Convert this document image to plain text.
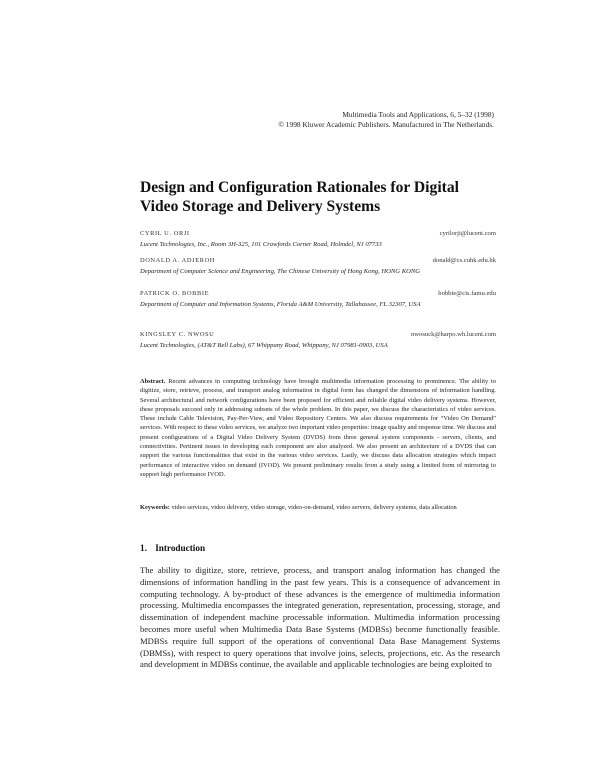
Multimedia Tools and Applications, 6, 5–32 (1998)
© 1998 Kluwer Academic Publishers. Manufactured in The Netherlands.
Design and Configuration Rationales for Digital Video Storage and Delivery Systems
CYRIL U. ORJI	cyrilorji@lucent.com
Lucent Technologies, Inc., Room 3H-325, 101 Crawfords Corner Road, Holmdel, NJ 07733
DONALD A. ADJEROH	donald@cs.cuhk.edu.hk
Department of Computer Science and Engineering, The Chinese University of Hong Kong, HONG KONG
PATRICK O. BOBBIE	bobbie@cis.famu.edu
Department of Computer and Information Systems, Florida A&M University, Tallahassee, FL 32307, USA
KINGSLEY C. NWOSU	nwosuck@harpo.wh.lucent.com
Lucent Technologies, (AT&T Bell Labs), 67 Whippany Road, Whippany, NJ 07981-0903, USA
Abstract. Recent advances in computing technology have brought multimedia information processing to prominence. The ability to digitize, store, retrieve, process, and transport analog information in digital form has changed the dimensions of information handling. Several architectural and network configurations have been proposed for efficient and reliable digital video delivery systems. However, these proposals succeed only in addressing subsets of the whole problem. In this paper, we discuss the characteristics of video services. These include Cable Television, Pay-Per-View, and Video Repository Centers. We also discuss requirements for “Video On Demand” services. With respect to these video services, we analyze two important video properties: image quality and response time. We discuss and present configurations of a Digital Video Delivery System (DVDS) from three general system components - servers, clients, and connectivities. Pertinent issues in developing each component are also analyzed. We also present an architecture of a DVDS that can support the various functionalities that exist in the various video services. Lastly, we discuss data allocation strategies which impact performance of interactive video on demand (IVOD). We present preliminary results from a study using a limited form of mirroring to support high performance IVOD.
Keywords: video services, video delivery, video storage, video-on-demand, video servers, delivery systems, data allocation
1. Introduction
The ability to digitize, store, retrieve, process, and transport analog information has changed the dimensions of information handling in the past few years. This is a consequence of advancement in computing technology. A by-product of these advances is the emergence of multimedia information processing. Multimedia encompasses the integrated generation, representation, processing, storage, and dissemination of independent machine processable information. Multimedia information processing becomes more useful when Multimedia Data Base Systems (MDBSs) become functionally feasible. MDBSs require full support of the operations of conventional Data Base Management Systems (DBMSs), with respect to query operations that involve joins, selects, projections, etc. As the research and development in MDBSs continue, the available and applicable technologies are being exploited to
